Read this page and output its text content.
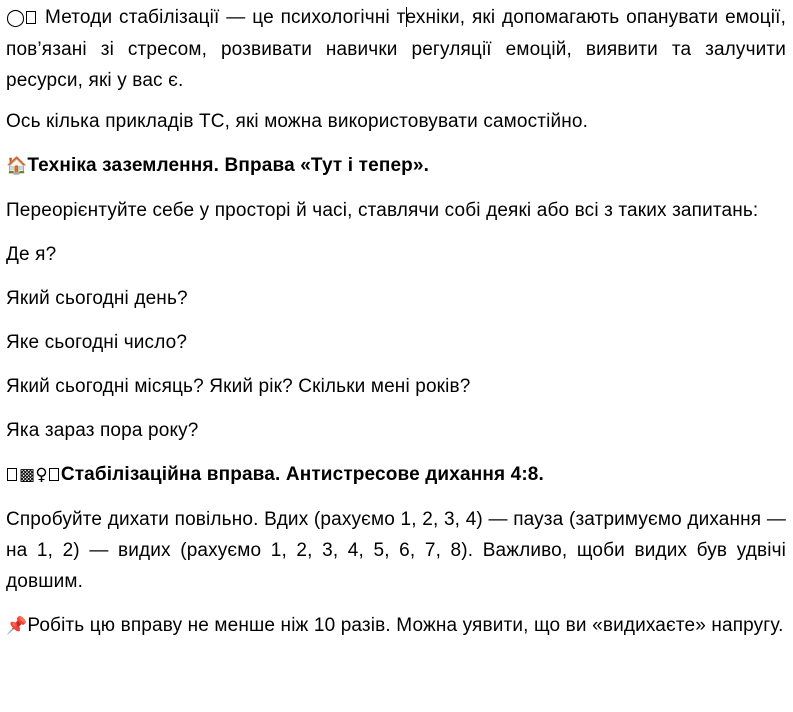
◯ Методи стабілізації — це психологічні техніки, які допомагають опанувати емоції, пов’язані зі стресом, розвивати навички регуляції емоцій, виявити та залучити ресурси, які у вас є.

Ось кілька прикладів ТС, які можна використовувати самостійно.

🏠Техніка заземлення. Вправа «Тут і тепер».

Переорієнтуйте себе у просторі й часі, ставлячи собі деякі або всі з таких запитань:

Де я?

Який сьогодні день?

Яке сьогодні число?

Який сьогодні місяць? Який рік? Скільки мені років?

Яка зараз пора року?

▩♀ Стабілізаційна вправа. Антистресове дихання 4:8.

Спробуйте дихати повільно. Вдих (рахуємо 1, 2, 3, 4) — пауза (затримуємо дихання — на 1, 2) — видих (рахуємо 1, 2, 3, 4, 5, 6, 7, 8). Важливо, щоби видих був удвічі довшим.

📌Робіть цю вправу не менше ніж 10 разів. Можна уявити, що ви «видихаєте» напругу.
